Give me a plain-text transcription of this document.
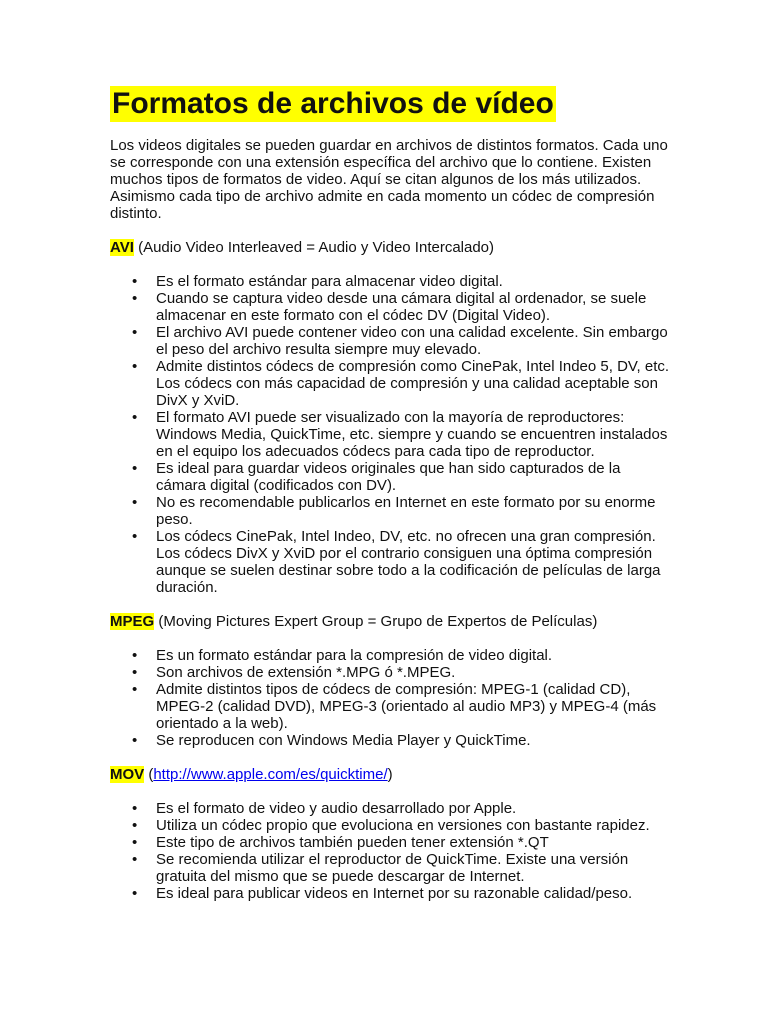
Formatos de archivos de vídeo

Los videos digitales se pueden guardar en archivos de distintos formatos. Cada uno se corresponde con una extensión específica del archivo que lo contiene. Existen muchos tipos de formatos de video. Aquí se citan algunos de los más utilizados. Asimismo cada tipo de archivo admite en cada momento un códec de compresión distinto.

AVI (Audio Video Interleaved = Audio y Video Intercalado)

• Es el formato estándar para almacenar video digital.
• Cuando se captura video desde una cámara digital al ordenador, se suele almacenar en este formato con el códec DV (Digital Video).
• El archivo AVI puede contener video con una calidad excelente. Sin embargo el peso del archivo resulta siempre muy elevado.
• Admite distintos códecs de compresión como CinePak, Intel Indeo 5, DV, etc. Los códecs con más capacidad de compresión y una calidad aceptable son DivX y XviD.
• El formato AVI puede ser visualizado con la mayoría de reproductores: Windows Media, QuickTime, etc. siempre y cuando se encuentren instalados en el equipo los adecuados códecs para cada tipo de reproductor.
• Es ideal para guardar videos originales que han sido capturados de la cámara digital (codificados con DV).
• No es recomendable publicarlos en Internet en este formato por su enorme peso.
• Los códecs CinePak, Intel Indeo, DV, etc. no ofrecen una gran compresión. Los códecs DivX y XviD por el contrario consiguen una óptima compresión aunque se suelen destinar sobre todo a la codificación de películas de larga duración.

MPEG (Moving Pictures Expert Group = Grupo de Expertos de Películas)

• Es un formato estándar para la compresión de video digital.
• Son archivos de extensión *.MPG ó *.MPEG.
• Admite distintos tipos de códecs de compresión: MPEG-1 (calidad CD), MPEG-2 (calidad DVD), MPEG-3 (orientado al audio MP3) y MPEG-4 (más orientado a la web).
• Se reproducen con Windows Media Player y QuickTime.

MOV (http://www.apple.com/es/quicktime/)

• Es el formato de video y audio desarrollado por Apple.
• Utiliza un códec propio que evoluciona en versiones con bastante rapidez.
• Este tipo de archivos también pueden tener extensión *.QT
• Se recomienda utilizar el reproductor de QuickTime. Existe una versión gratuita del mismo que se puede descargar de Internet.
• Es ideal para publicar videos en Internet por su razonable calidad/peso.
